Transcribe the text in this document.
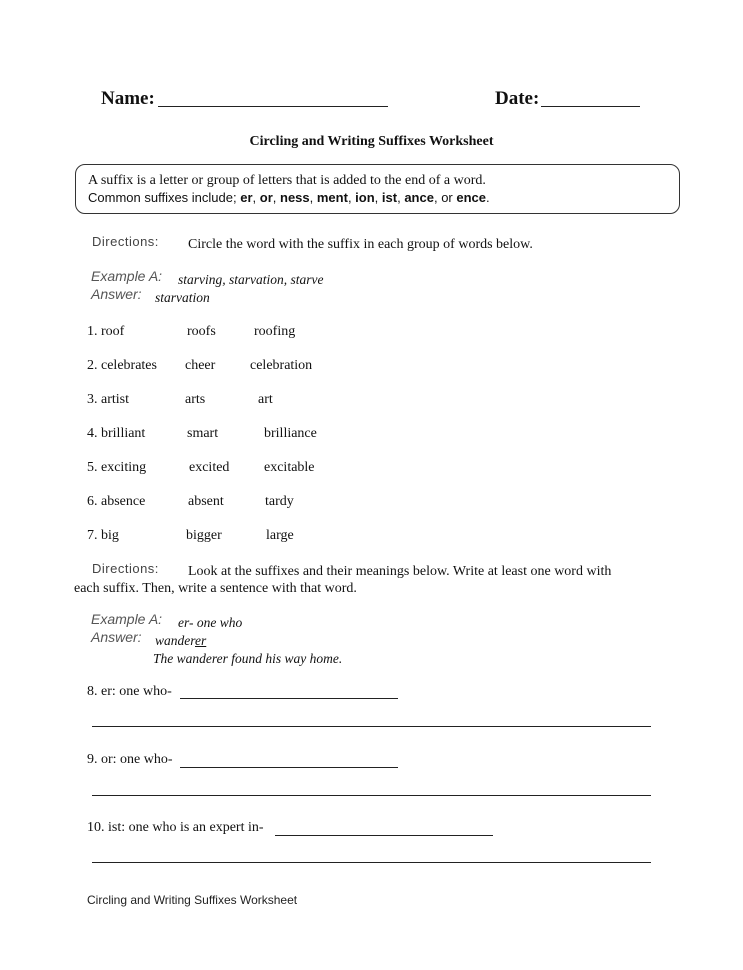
Name:	Date:
Circling and Writing Suffixes Worksheet
A suffix is a letter or group of letters that is added to the end of a word.
Common suffixes include; er, or, ness, ment, ion, ist, ance, or ence.
Directions: Circle the word with the suffix in each group of words below.
Example A: starving, starvation, starve
Answer: starvation
1. roof	roofs	roofing
2. celebrates cheer celebration
3. artist	arts	art
4. brilliant	smart	brilliance
5. exciting	excited excitable
6. absence	absent	tardy
7. big	bigger	large
Directions: Look at the suffixes and their meanings below. Write at least one word with
each suffix. Then, write a sentence with that word.
Example A: er- one who
Answer: wanderer
The wanderer found his way home.
8. er: one who-
9. or: one who-
10. ist: one who is an expert in-
Circling and Writing Suffixes Worksheet
